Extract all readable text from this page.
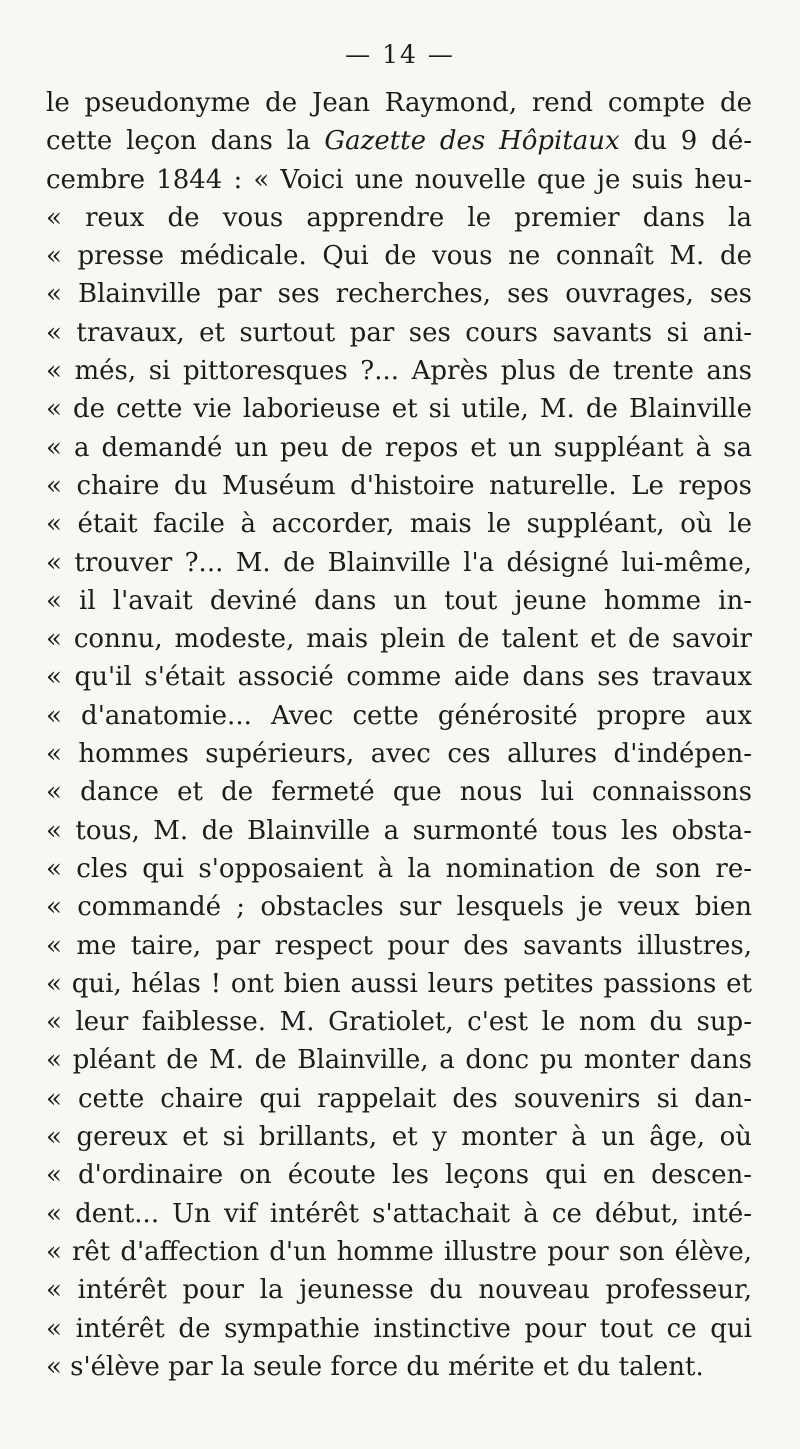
— 14 —
le pseudonyme de Jean Raymond, rend compte de
cette leçon dans la Gazette des Hôpitaux du 9 dé-
cembre 1844 : « Voici une nouvelle que je suis heu-
« reux de vous apprendre le premier dans la
« presse médicale. Qui de vous ne connaît M. de
« Blainville par ses recherches, ses ouvrages, ses
« travaux, et surtout par ses cours savants si ani-
« més, si pittoresques ?... Après plus de trente ans
« de cette vie laborieuse et si utile, M. de Blainville
« a demandé un peu de repos et un suppléant à sa
« chaire du Muséum d'histoire naturelle. Le repos
« était facile à accorder, mais le suppléant, où le
« trouver ?... M. de Blainville l'a désigné lui-même,
« il l'avait deviné dans un tout jeune homme in-
« connu, modeste, mais plein de talent et de savoir
« qu'il s'était associé comme aide dans ses travaux
« d'anatomie... Avec cette générosité propre aux
« hommes supérieurs, avec ces allures d'indépen-
« dance et de fermeté que nous lui connaissons
« tous, M. de Blainville a surmonté tous les obsta-
« cles qui s'opposaient à la nomination de son re-
« commandé ; obstacles sur lesquels je veux bien
« me taire, par respect pour des savants illustres,
« qui, hélas ! ont bien aussi leurs petites passions et
« leur faiblesse. M. Gratiolet, c'est le nom du sup-
« pléant de M. de Blainville, a donc pu monter dans
« cette chaire qui rappelait des souvenirs si dan-
« gereux et si brillants, et y monter à un âge, où
« d'ordinaire on écoute les leçons qui en descen-
« dent... Un vif intérêt s'attachait à ce début, inté-
« rêt d'affection d'un homme illustre pour son élève,
« intérêt pour la jeunesse du nouveau professeur,
« intérêt de sympathie instinctive pour tout ce qui
« s'élève par la seule force du mérite et du talent.
